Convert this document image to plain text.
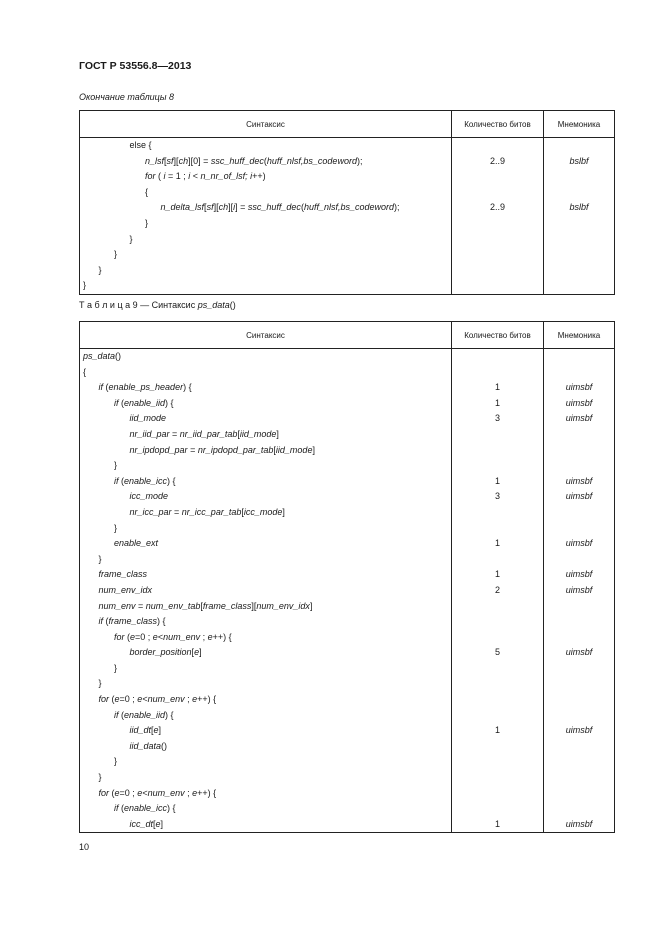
ГОСТ Р 53556.8—2013
Окончание таблицы 8
Синтаксис	Количество битов	Мнемоника
else {		
n_lsf[sf][ch][0] = ssc_huff_dec(huff_nlsf,bs_codeword);	2..9	bslbf
for ( i = 1 ; i < n_nr_of_lsf; i++)		
{		
n_delta_lsf[sf][ch][i] = ssc_huff_dec(huff_nlsf,bs_codeword);	2..9	bslbf
}		
}		
}		
}		
}		
Т а б л и ц а 9 — Синтаксис ps_data()
Синтаксис	Количество битов	Мнемоника
ps_data()		
{		
if (enable_ps_header) {	1	uimsbf
if (enable_iid) {	1	uimsbf
iid_mode	3	uimsbf
nr_iid_par = nr_iid_par_tab[iid_mode]		
nr_ipdopd_par = nr_ipdopd_par_tab[iid_mode]		
}		
if (enable_icc) {	1	uimsbf
icc_mode	3	uimsbf
nr_icc_par = nr_icc_par_tab[icc_mode]		
}		
enable_ext	1	uimsbf
}		
frame_class	1	uimsbf
num_env_idx	2	uimsbf
num_env = num_env_tab[frame_class][num_env_idx]		
if (frame_class) {		
for (e=0 ; e<num_env ; e++) {		
border_position[e]	5	uimsbf
}		
}		
for (e=0 ; e<num_env ; e++) {		
if (enable_iid) {		
iid_dt[e]	1	uimsbf
iid_data()		
}		
}		
for (e=0 ; e<num_env ; e++) {		
if (enable_icc) {		
icc_dt[e]	1	uimsbf
10
